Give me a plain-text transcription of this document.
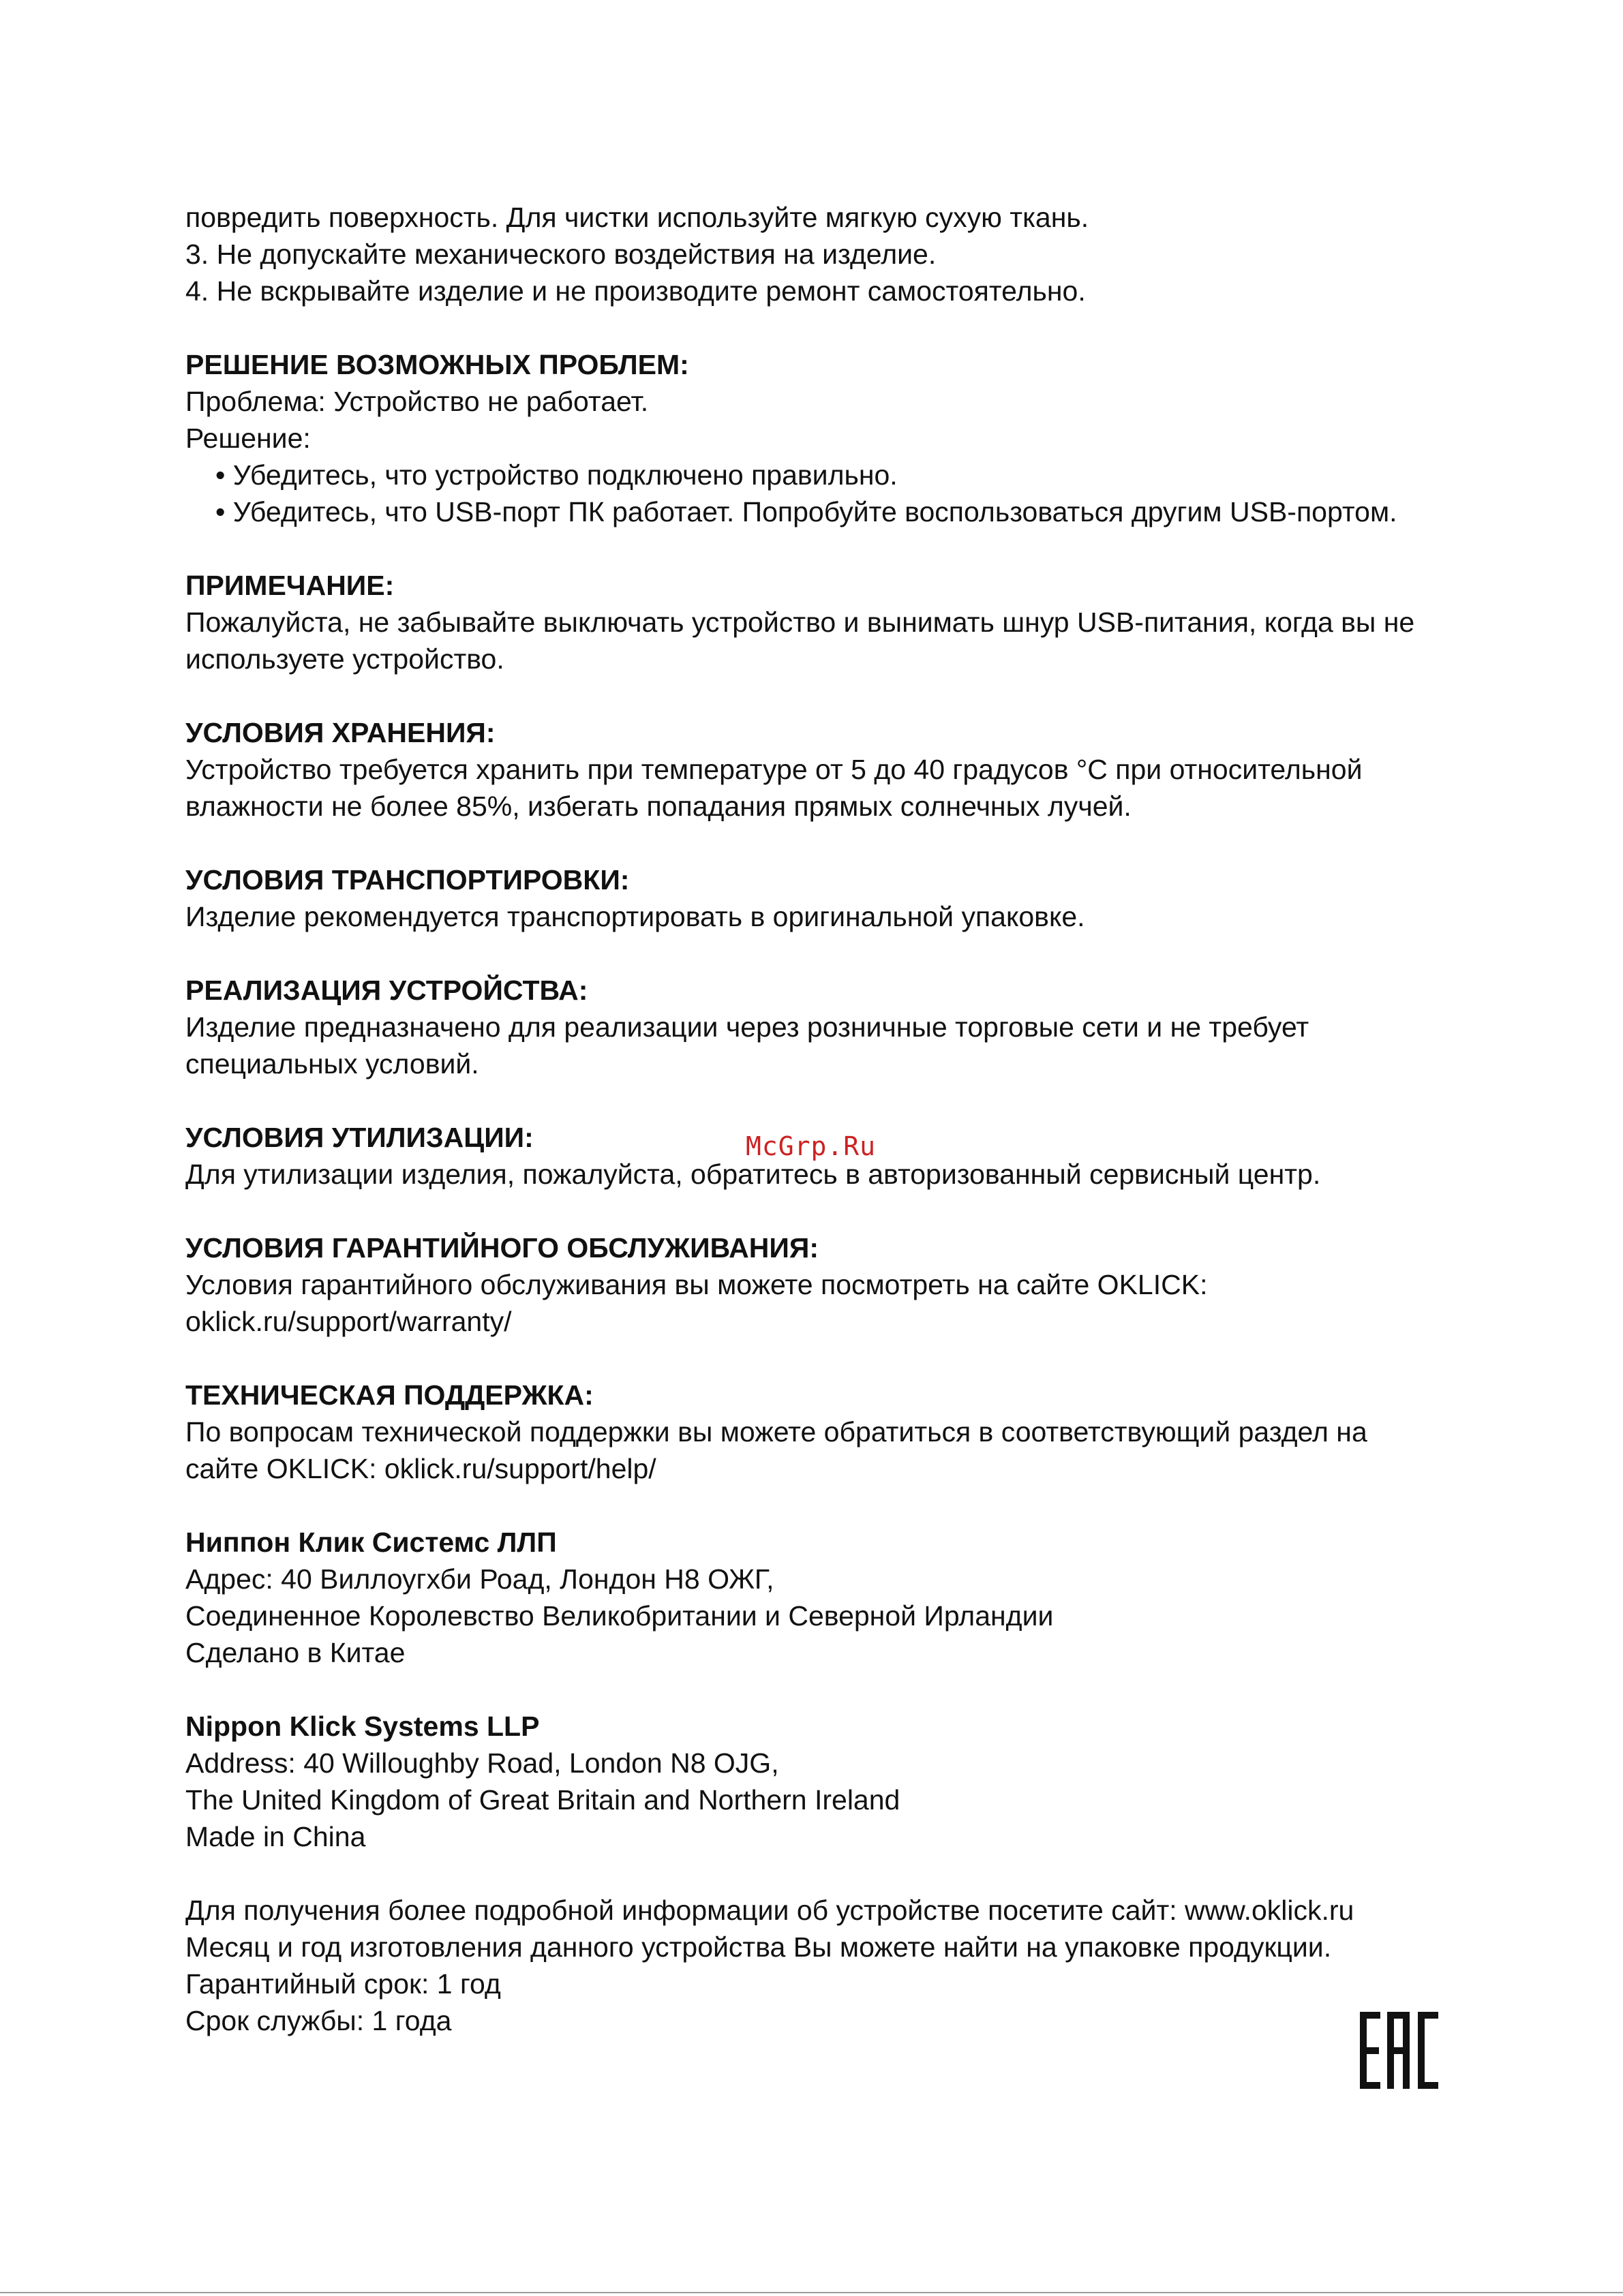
повредить поверхность. Для чистки используйте мягкую сухую ткань.
3. Не допускайте механического воздействия на изделие.
4. Не вскрывайте изделие и не производите ремонт самостоятельно.
РЕШЕНИЕ ВОЗМОЖНЫХ ПРОБЛЕМ:
Проблема: Устройство не работает.
Решение:
• Убедитесь, что устройство подключено правильно.
• Убедитесь, что USB-порт ПК работает. Попробуйте воспользоваться другим USB-портом.
ПРИМЕЧАНИЕ:
Пожалуйста, не забывайте выключать устройство и вынимать шнур USB-питания, когда вы не
используете устройство.
УСЛОВИЯ ХРАНЕНИЯ:
Устройство требуется хранить при температуре от 5 до 40 градусов °С при относительной
влажности не более 85%, избегать попадания прямых солнечных лучей.
УСЛОВИЯ ТРАНСПОРТИРОВКИ:
Изделие рекомендуется транспортировать в оригинальной упаковке.
РЕАЛИЗАЦИЯ УСТРОЙСТВА:
Изделие предназначено для реализации через розничные торговые сети и не требует
специальных условий.
УСЛОВИЯ УТИЛИЗАЦИИ:
Для утилизации изделия, пожалуйста, обратитесь в авторизованный сервисный центр.
УСЛОВИЯ ГАРАНТИЙНОГО ОБСЛУЖИВАНИЯ:
Условия гарантийного обслуживания вы можете посмотреть на сайте OKLICK:
oklick.ru/support/warranty/
ТЕХНИЧЕСКАЯ ПОДДЕРЖКА:
По вопросам технической поддержки вы можете обратиться в соответствующий раздел на
сайте OKLICK: oklick.ru/support/help/
Ниппон Клик Системс ЛЛП
Адрес: 40 Виллоугхби Роад, Лондон Н8 ОЖГ,
Соединенное Королевство Великобритании и Северной Ирландии
Сделано в Китае
Nippon Klick Systems LLP
Address: 40 Willoughby Road, London N8 OJG,
The United Kingdom of Great Britain and Northern Ireland
Made in China
Для получения более подробной информации об устройстве посетите сайт: www.oklick.ru
Месяц и год изготовления данного устройства Вы можете найти на упаковке продукции.
Гарантийный срок: 1 год
Срок службы: 1 года
McGrp.Ru
